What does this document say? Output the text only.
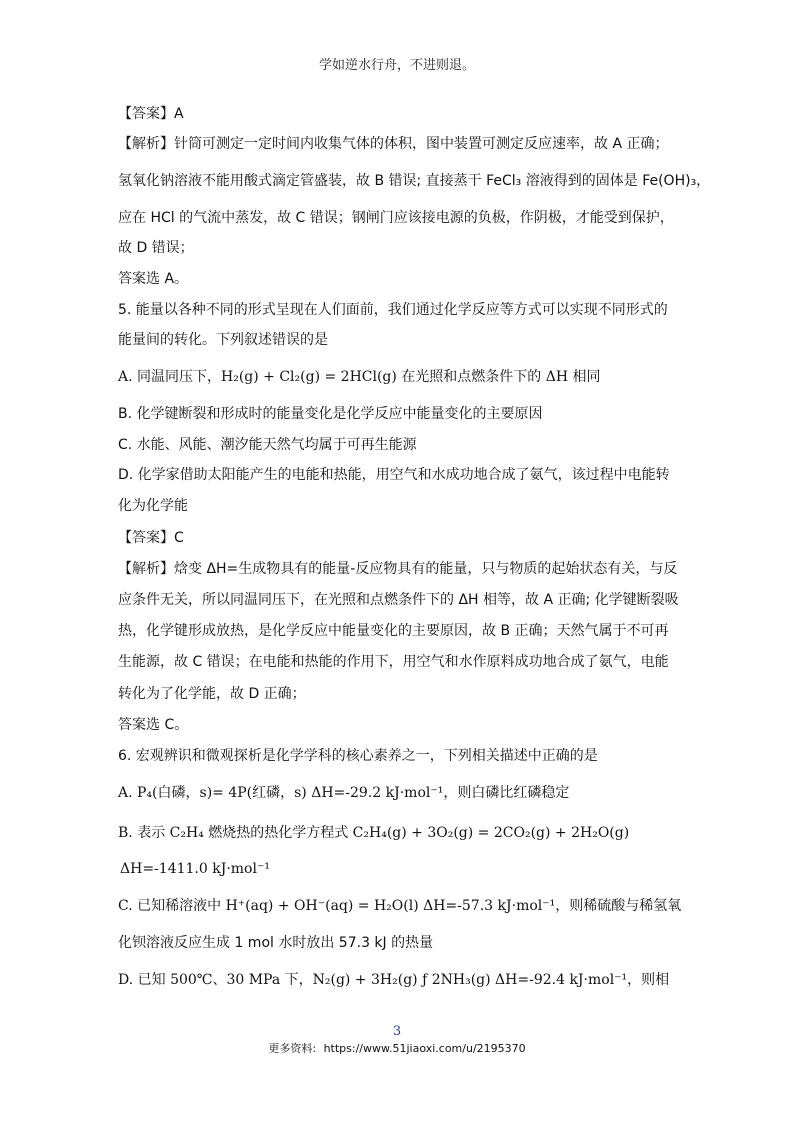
学如逆水行舟，不进则退。
【答案】A
【解析】针筒可测定一定时间内收集气体的体积，图中装置可测定反应速率，故 A 正确；
氢氧化钠溶液不能用酸式滴定管盛装，故 B 错误; 直接蒸干 FeCl₃ 溶液得到的固体是 Fe(OH)₃，
应在 HCl 的气流中蒸发，故 C 错误；钢闸门应该接电源的负极，作阴极，才能受到保护，
故 D 错误；
答案选 A。
5. 能量以各种不同的形式呈现在人们面前，我们通过化学反应等方式可以实现不同形式的
能量间的转化。下列叙述错误的是
A. 同温同压下，H₂(g) + Cl₂(g) = 2HCl(g) 在光照和点燃条件下的 ΔH 相同
B. 化学键断裂和形成时的能量变化是化学反应中能量变化的主要原因
C. 水能、风能、潮汐能天然气均属于可再生能源
D. 化学家借助太阳能产生的电能和热能，用空气和水成功地合成了氨气，该过程中电能转
化为化学能
【答案】C
【解析】焓变 ΔH=生成物具有的能量-反应物具有的能量，只与物质的起始状态有关，与反
应条件无关，所以同温同压下，在光照和点燃条件下的 ΔH 相等，故 A 正确; 化学键断裂吸
热，化学键形成放热，是化学反应中能量变化的主要原因，故 B 正确；天然气属于不可再
生能源，故 C 错误；在电能和热能的作用下，用空气和水作原料成功地合成了氨气，电能
转化为了化学能，故 D 正确；
答案选 C。
6. 宏观辨识和微观探析是化学学科的核心素养之一，下列相关描述中正确的是
A. P₄(白磷，s)= 4P(红磷，s) ΔH=-29.2 kJ·mol⁻¹，则白磷比红磷稳定
B. 表示 C₂H₄ 燃烧热的热化学方程式 C₂H₄(g) + 3O₂(g) = 2CO₂(g) + 2H₂O(g)
ΔH=-1411.0 kJ·mol⁻¹
C. 已知稀溶液中 H⁺(aq) + OH⁻(aq) = H₂O(l) ΔH=-57.3 kJ·mol⁻¹，则稀硫酸与稀氢氧
化钡溶液反应生成 1 mol 水时放出 57.3 kJ 的热量
D. 已知 500℃、30 MPa 下，N₂(g) + 3H₂(g) ƒ 2NH₃(g) ΔH=-92.4 kJ·mol⁻¹，则相
3
更多资料: https://www.51jiaoxi.com/u/2195370
